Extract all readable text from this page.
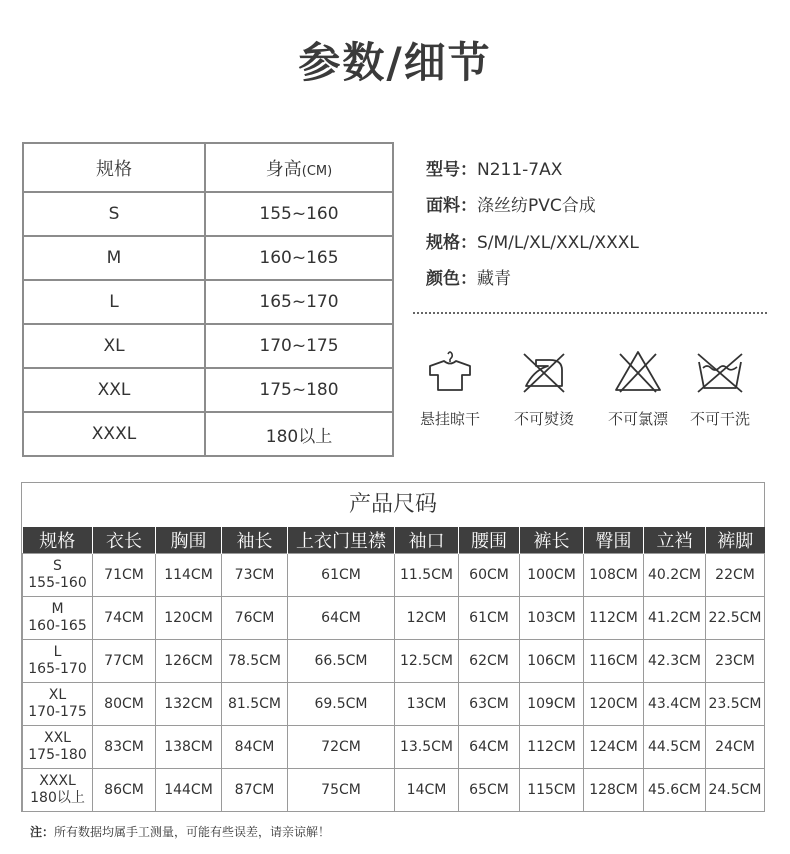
参数/细节
规格	身高(CM)
S	155~160
M	160~165
L	165~170
XL	170~175
XXL	175~180
XXXL	180以上
型号：N211-7AX
面料：涤丝纺PVC合成
规格：S/M/L/XL/XXL/XXXL
颜色：藏青
悬挂晾干	不可熨烫	不可氯漂	不可干洗
产品尺码
规格	衣长	胸围	袖长	上衣门里襟	袖口	腰围	裤长	臀围	立裆	裤脚

S
155-160	71CM	114CM	73CM	61CM	11.5CM	60CM	100CM	108CM	40.2CM	22CM

M
160-165	74CM	120CM	76CM	64CM	12CM	61CM	103CM	112CM	41.2CM	22.5CM

L
165-170	77CM	126CM	78.5CM	66.5CM	12.5CM	62CM	106CM	116CM	42.3CM	23CM

XL
170-175	80CM	132CM	81.5CM	69.5CM	13CM	63CM	109CM	120CM	43.4CM	23.5CM

XXL
175-180	83CM	138CM	84CM	72CM	13.5CM	64CM	112CM	124CM	44.5CM	24CM

XXXL
180以上	86CM	144CM	87CM	75CM	14CM	65CM	115CM	128CM	45.6CM	24.5CM
注：所有数据均属手工测量，可能有些误差，请亲谅解！
